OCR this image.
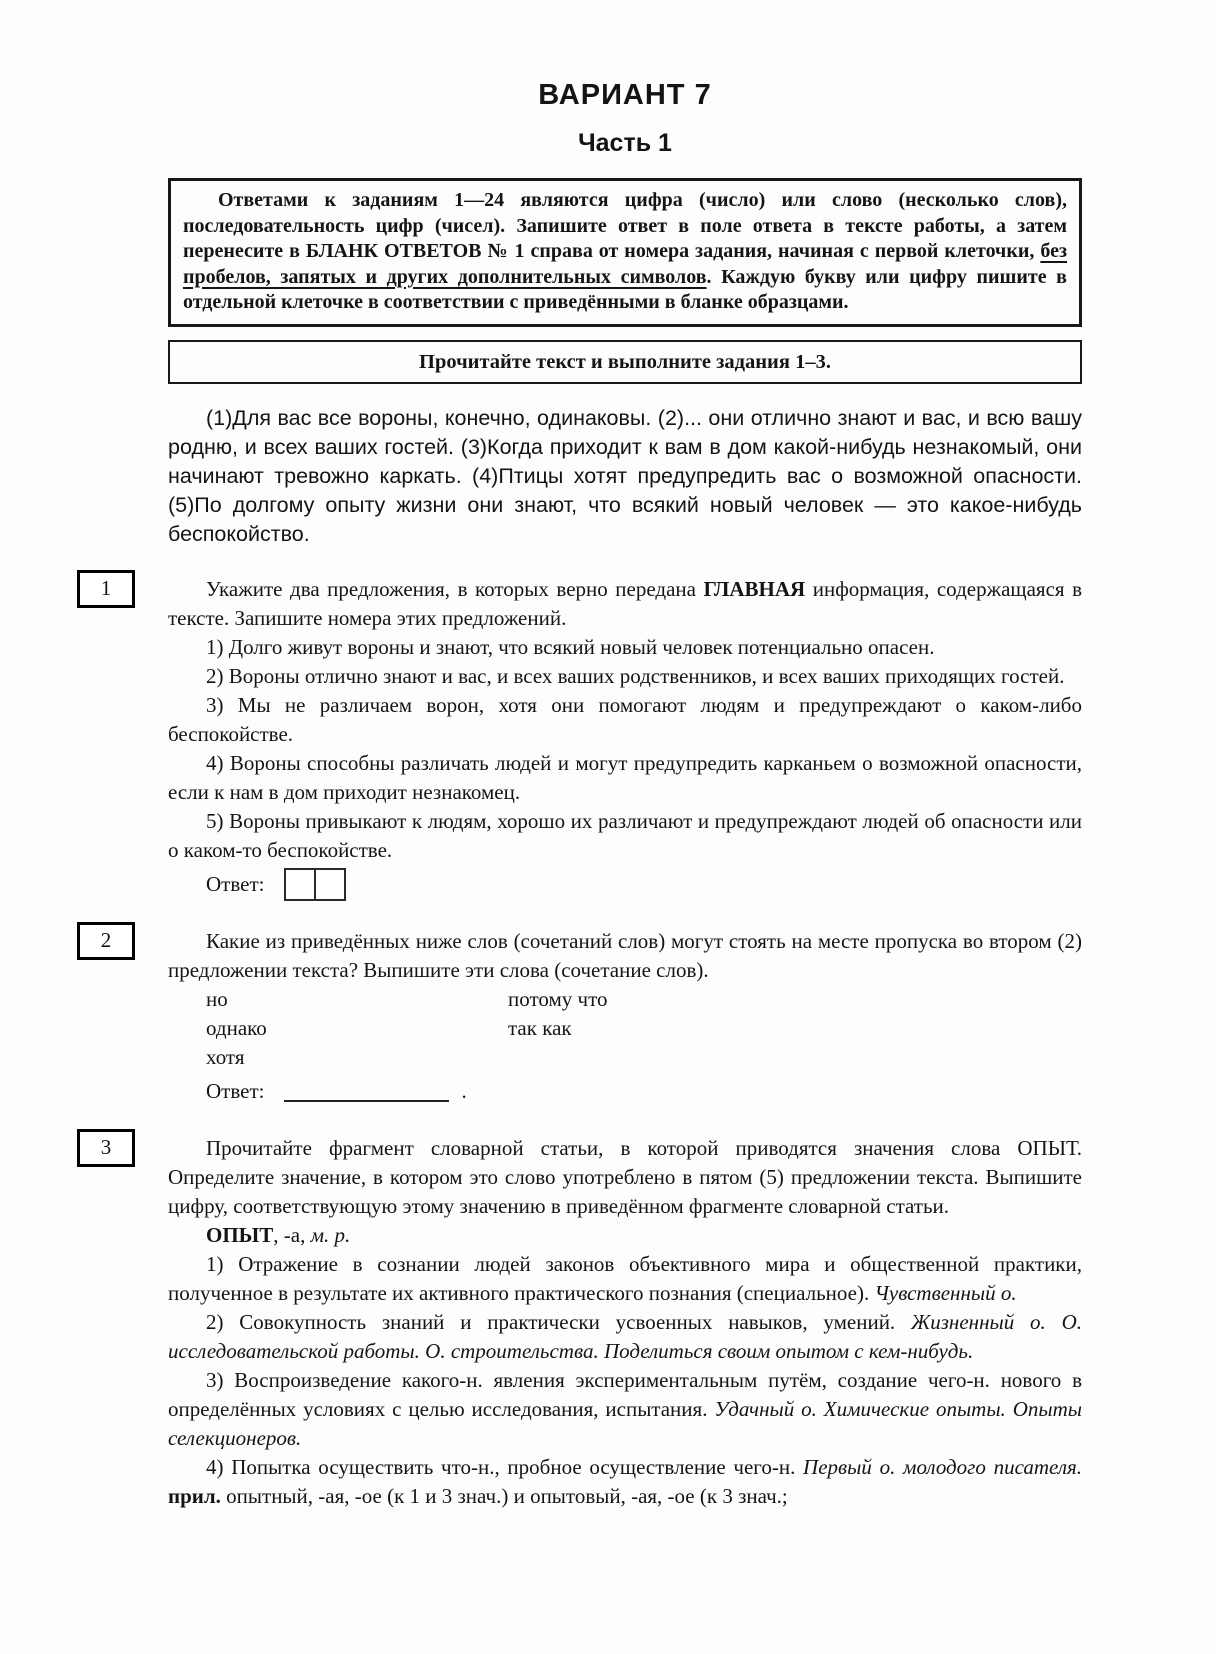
ВАРИАНТ 7
Часть 1

Ответами к заданиям 1—24 являются цифра (число) или слово (несколько слов), последовательность цифр (чисел). Запишите ответ в поле ответа в тексте работы, а затем перенесите в БЛАНК ОТВЕТОВ № 1 справа от номера задания, начиная с первой клеточки, без пробелов, запятых и других дополнительных символов. Каждую букву или цифру пишите в отдельной клеточке в соответствии с приведёнными в бланке образцами.

Прочитайте текст и выполните задания 1–3.

(1)Для вас все вороны, конечно, одинаковы. (2)... они отлично знают и вас, и всю вашу родню, и всех ваших гостей. (3)Когда приходит к вам в дом какой-нибудь незнакомый, они начинают тревожно каркать. (4)Птицы хотят предупредить вас о возможной опасности. (5)По долгому опыту жизни они знают, что всякий новый человек — это какое-нибудь беспокойство.

1	Укажите два предложения, в которых верно передана ГЛАВНАЯ информация, содержащаяся в тексте. Запишите номера этих предложений.

1) Долго живут вороны и знают, что всякий новый человек потенциально опасен.

2) Вороны отлично знают и вас, и всех ваших родственников, и всех ваших приходящих гостей.

3) Мы не различаем ворон, хотя они помогают людям и предупреждают о каком-либо беспокойстве.

4) Вороны способны различать людей и могут предупредить карканьем о возможной опасности, если к нам в дом приходит незнакомец.

5) Вороны привыкают к людям, хорошо их различают и предупреждают людей об опасности или о каком-то беспокойстве.

Ответ:
2	Какие из приведённых ниже слов (сочетаний слов) могут стоять на месте пропуска во втором (2) предложении текста? Выпишите эти слова (сочетание слов).

но	потому что
однако	так как
хотя
Ответ:	.
3	Прочитайте фрагмент словарной статьи, в которой приводятся значения слова ОПЫТ. Определите значение, в котором это слово употреблено в пятом (5) предложении текста. Выпишите цифру, соответствующую этому значению в приведённом фрагменте словарной статьи.

ОПЫТ, -а, м. р.

1) Отражение в сознании людей законов объективного мира и общественной практики, полученное в результате их активного практического познания (специальное). Чувственный о.

2) Совокупность знаний и практически усвоенных навыков, умений. Жизненный о. О. исследовательской работы. О. строительства. Поделиться своим опытом с кем-нибудь.

3) Воспроизведение какого-н. явления экспериментальным путём, создание чего-н. нового в определённых условиях с целью исследования, испытания. Удачный о. Химические опыты. Опыты селекционеров.

4) Попытка осуществить что-н., пробное осуществление чего-н. Первый о. молодого писателя. прил. опытный, -ая, -ое (к 1 и 3 знач.) и опытовый, -ая, -ое (к 3 знач.;
